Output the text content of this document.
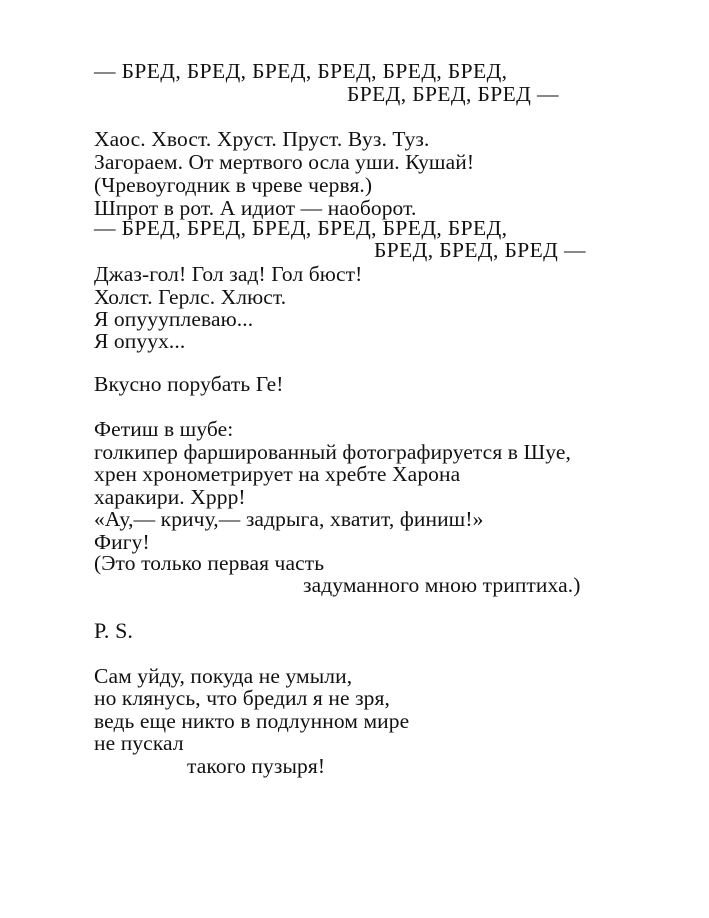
— БРЕД, БРЕД, БРЕД, БРЕД, БРЕД, БРЕД,
БРЕД, БРЕД, БРЕД —
Хаос. Хвост. Хруст. Пруст. Вуз. Туз.
Загораем. От мертвого осла уши. Кушай!
(Чревоугодник в чреве червя.)
Шпрот в рот. А идиот — наоборот.
— БРЕД, БРЕД, БРЕД, БРЕД, БРЕД, БРЕД,
БРЕД, БРЕД, БРЕД —
Джаз-гол! Гол зад! Гол бюст!
Холст. Герлс. Хлюст.
Я опуууплеваю...
Я опуух...
Вкусно порубать Ге!
Фетиш в шубе:
голкипер фаршированный фотографируется в Шуе,
хрен хронометрирует на хребте Харона
харакири. Хррр!
«Ау,— кричу,— задрыга, хватит, финиш!»
Фигу!
(Это только первая часть
задуманного мною триптиха.)
P. S.
Сам уйду, покуда не умыли,
но клянусь, что бредил я не зря,
ведь еще никто в подлунном мире
не пускал
такого пузыря!
